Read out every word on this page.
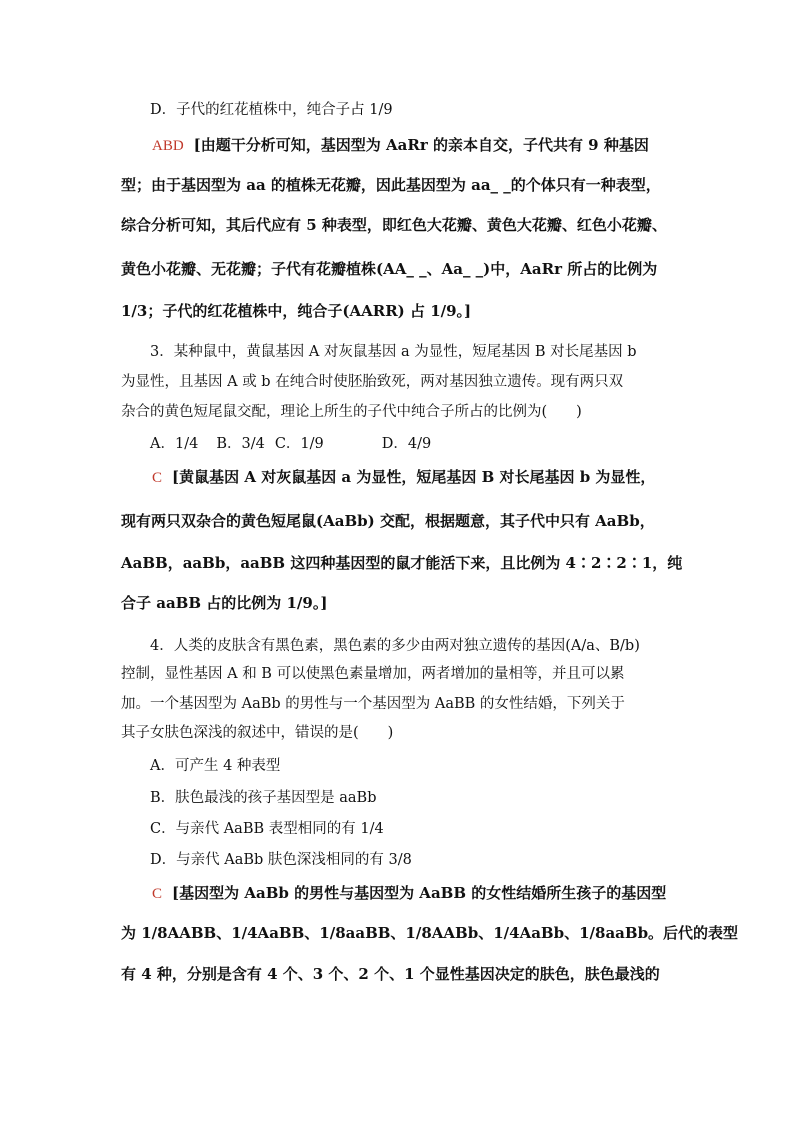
D．子代的红花植株中，纯合子占 1/9
ABD [由题干分析可知，基因型为 AaRr 的亲本自交，子代共有 9 种基因
型；由于基因型为 aa 的植株无花瓣，因此基因型为 aa_ _的个体只有一种表型，
综合分析可知，其后代应有 5 种表型，即红色大花瓣、黄色大花瓣、红色小花瓣、
黄色小花瓣、无花瓣；子代有花瓣植株(AA_ _、Aa_ _)中，AaRr 所占的比例为
1/3；子代的红花植株中，纯合子(AARR) 占 1/9。]
3．某种鼠中，黄鼠基因 A 对灰鼠基因 a 为显性，短尾基因 B 对长尾基因 b
为显性，且基因 A 或 b 在纯合时使胚胎致死，两对基因独立遗传。现有两只双
杂合的黄色短尾鼠交配，理论上所生的子代中纯合子所占的比例为(　　)
A．1/4 B．3/4 C．1/9	D．4/9
C [黄鼠基因 A 对灰鼠基因 a 为显性，短尾基因 B 对长尾基因 b 为显性，
现有两只双杂合的黄色短尾鼠(AaBb) 交配，根据题意，其子代中只有 AaBb，
AaBB，aaBb，aaBB 这四种基因型的鼠才能活下来，且比例为 4∶2∶2∶1，纯
合子 aaBB 占的比例为 1/9。]
4．人类的皮肤含有黑色素，黑色素的多少由两对独立遗传的基因(A/a、B/b)
控制，显性基因 A 和 B 可以使黑色素量增加，两者增加的量相等，并且可以累
加。一个基因型为 AaBb 的男性与一个基因型为 AaBB 的女性结婚，下列关于
其子女肤色深浅的叙述中，错误的是(　　)
A．可产生 4 种表型
B．肤色最浅的孩子基因型是 aaBb
C．与亲代 AaBB 表型相同的有 1/4
D．与亲代 AaBb 肤色深浅相同的有 3/8
C [基因型为 AaBb 的男性与基因型为 AaBB 的女性结婚所生孩子的基因型
为 1/8AABB、1/4AaBB、1/8aaBB、1/8AABb、1/4AaBb、1/8aaBb。后代的表型
有 4 种，分别是含有 4 个、3 个、2 个、1 个显性基因决定的肤色，肤色最浅的
